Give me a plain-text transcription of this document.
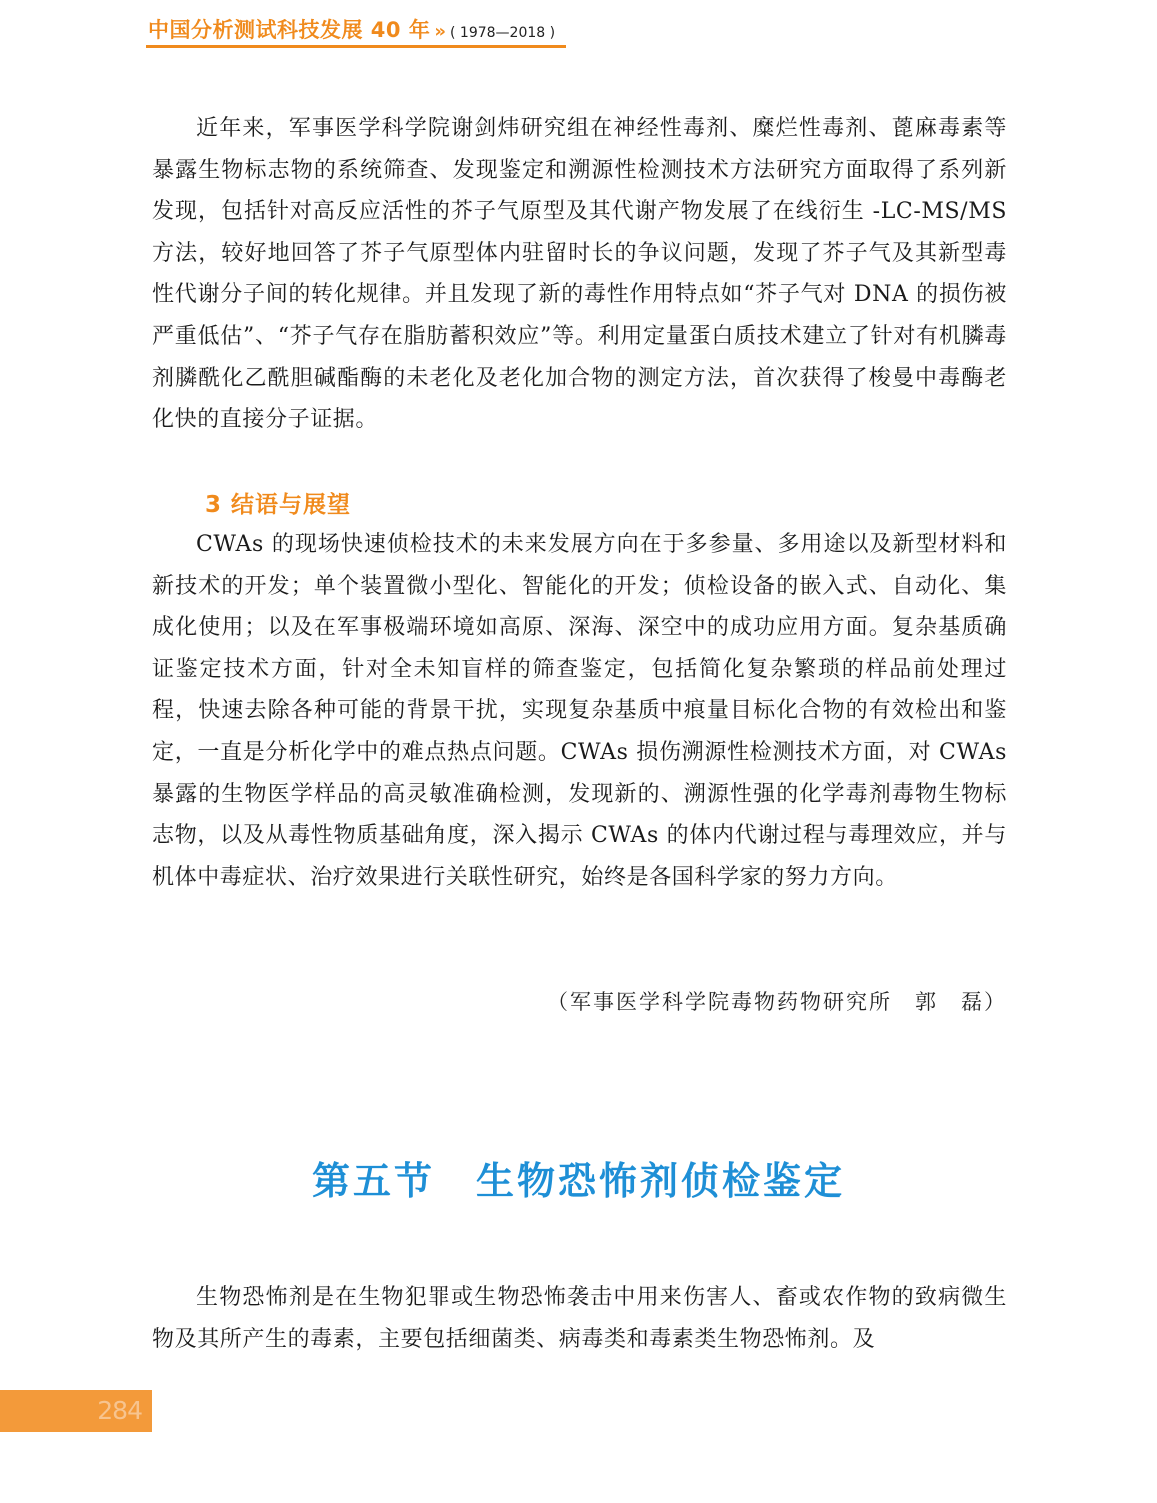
中国分析测试科技发展 40 年 » ( 1978—2018 )

近年来，军事医学科学院谢剑炜研究组在神经性毒剂、糜烂性毒剂、蓖麻毒素等暴露生物标志物的系统筛查、发现鉴定和溯源性检测技术方法研究方面取得了系列新发现，包括针对高反应活性的芥子气原型及其代谢产物发展了在线衍生 -LC-MS/MS 方法，较好地回答了芥子气原型体内驻留时长的争议问题，发现了芥子气及其新型毒性代谢分子间的转化规律。并且发现了新的毒性作用特点如“芥子气对 DNA 的损伤被严重低估”、“芥子气存在脂肪蓄积效应”等。利用定量蛋白质技术建立了针对有机膦毒剂膦酰化乙酰胆碱酯酶的未老化及老化加合物的测定方法，首次获得了梭曼中毒酶老化快的直接分子证据。

3 结语与展望

CWAs 的现场快速侦检技术的未来发展方向在于多参量、多用途以及新型材料和新技术的开发；单个装置微小型化、智能化的开发；侦检设备的嵌入式、自动化、集成化使用；以及在军事极端环境如高原、深海、深空中的成功应用方面。复杂基质确证鉴定技术方面，针对全未知盲样的筛查鉴定，包括简化复杂繁琐的样品前处理过程，快速去除各种可能的背景干扰，实现复杂基质中痕量目标化合物的有效检出和鉴定，一直是分析化学中的难点热点问题。CWAs 损伤溯源性检测技术方面，对 CWAs 暴露的生物医学样品的高灵敏准确检测，发现新的、溯源性强的化学毒剂毒物生物标志物，以及从毒性物质基础角度，深入揭示 CWAs 的体内代谢过程与毒理效应，并与机体中毒症状、治疗效果进行关联性研究，始终是各国科学家的努力方向。

（军事医学科学院毒物药物研究所　郭　磊）

第五节　生物恐怖剂侦检鉴定

生物恐怖剂是在生物犯罪或生物恐怖袭击中用来伤害人、畜或农作物的致病微生物及其所产生的毒素，主要包括细菌类、病毒类和毒素类生物恐怖剂。及

284
